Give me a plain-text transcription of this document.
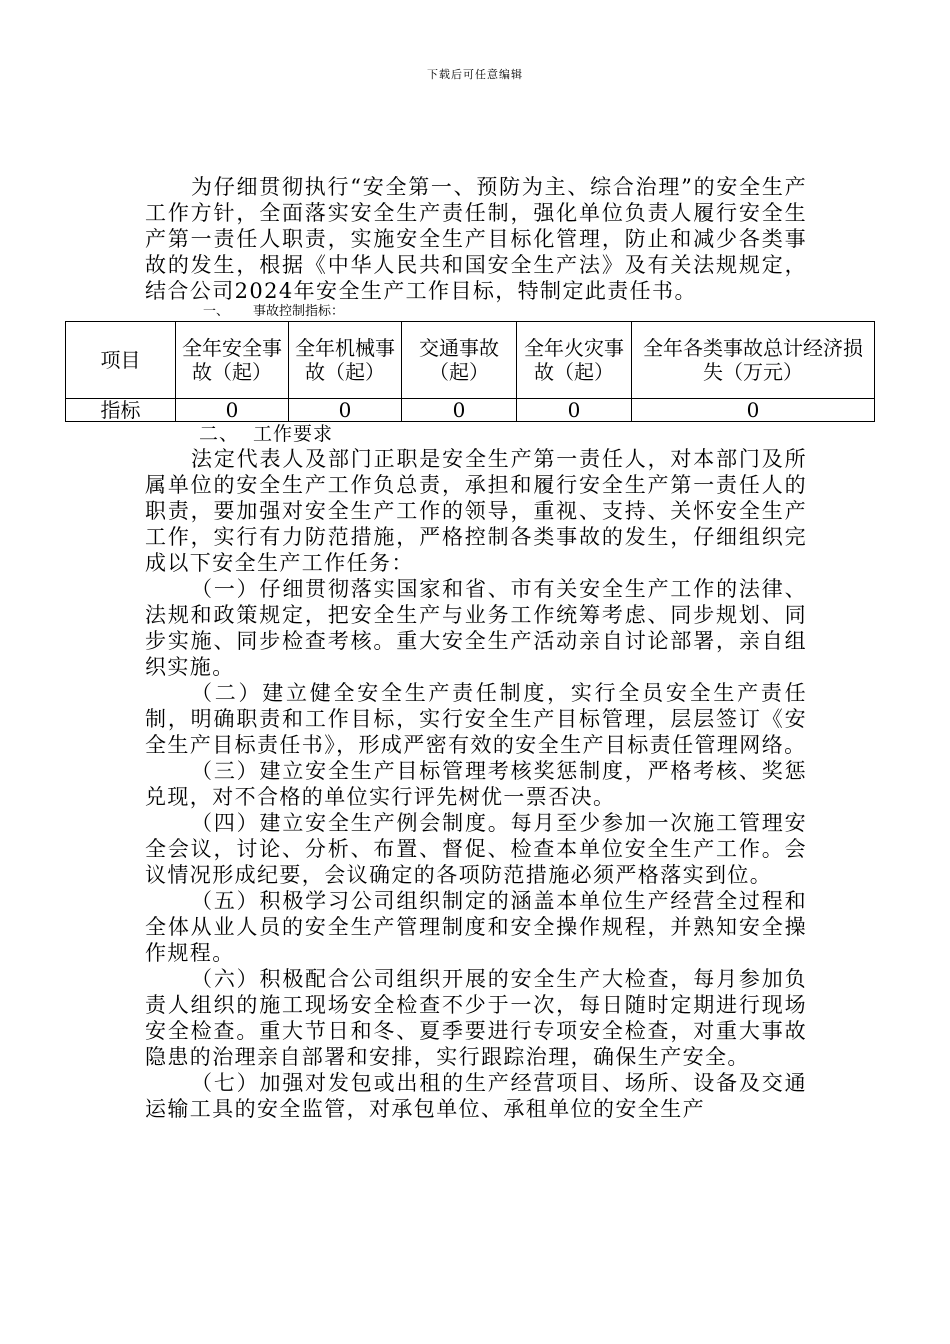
下载后可任意编辑

为仔细贯彻执行“安全第一、预防为主、综合治理”的安全生产工作方针，全面落实安全生产责任制，强化单位负责人履行安全生产第一责任人职责，实施安全生产目标化管理，防止和减少各类事故的发生，根据《中华人民共和国安全生产法》及有关法规规定，结合公司2024年安全生产工作目标，特制定此责任书。

一、 事故控制指标：

项目	全年安全事故（起）	全年机械事故（起）	交通事故（起）	全年火灾事故（起）	全年各类事故总计经济损失（万元）
指标	0	0	0	0	0

二、 工作要求

法定代表人及部门正职是安全生产第一责任人，对本部门及所属单位的安全生产工作负总责，承担和履行安全生产第一责任人的职责，要加强对安全生产工作的领导，重视、支持、关怀安全生产工作，实行有力防范措施，严格控制各类事故的发生，仔细组织完成以下安全生产工作任务：

（一）仔细贯彻落实国家和省、市有关安全生产工作的法律、法规和政策规定，把安全生产与业务工作统筹考虑、同步规划、同步实施、同步检查考核。重大安全生产活动亲自讨论部署，亲自组织实施。

（二）建立健全安全生产责任制度，实行全员安全生产责任制，明确职责和工作目标，实行安全生产目标管理，层层签订《安全生产目标责任书》，形成严密有效的安全生产目标责任管理网络。

（三）建立安全生产目标管理考核奖惩制度，严格考核、奖惩兑现，对不合格的单位实行评先树优一票否决。

（四）建立安全生产例会制度。每月至少参加一次施工管理安全会议，讨论、分析、布置、督促、检查本单位安全生产工作。会议情况形成纪要，会议确定的各项防范措施必须严格落实到位。

（五）积极学习公司组织制定的涵盖本单位生产经营全过程和全体从业人员的安全生产管理制度和安全操作规程，并熟知安全操作规程。

（六）积极配合公司组织开展的安全生产大检查，每月参加负责人组织的施工现场安全检查不少于一次，每日随时定期进行现场安全检查。重大节日和冬、夏季要进行专项安全检查，对重大事故隐患的治理亲自部署和安排，实行跟踪治理，确保生产安全。

（七）加强对发包或出租的生产经营项目、场所、设备及交通运输工具的安全监管，对承包单位、承租单位的安全生产
